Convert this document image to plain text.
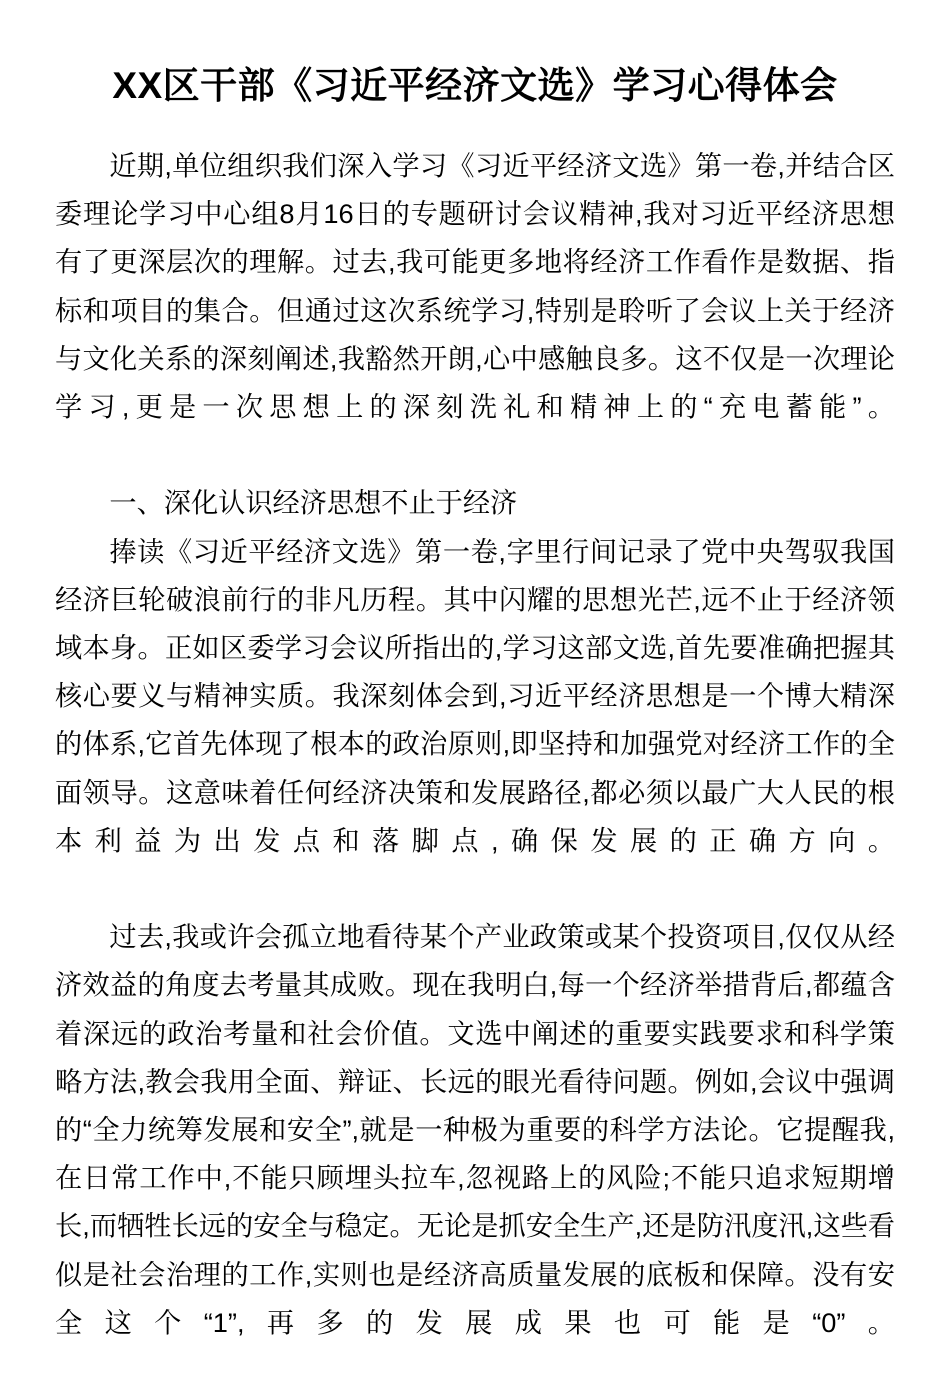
XX区干部《习近平经济文选》学习心得体会

近期,单位组织我们深入学习《习近平经济文选》第一卷,并结合区委理论学习中心组8月16日的专题研讨会议精神,我对习近平经济思想有了更深层次的理解。过去,我可能更多地将经济工作看作是数据、指标和项目的集合。但通过这次系统学习,特别是聆听了会议上关于经济与文化关系的深刻阐述,我豁然开朗,心中感触良多。这不仅是一次理论学习,更是一次思想上的深刻洗礼和精神上的“充电蓄能”。

一、深化认识经济思想不止于经济

捧读《习近平经济文选》第一卷,字里行间记录了党中央驾驭我国经济巨轮破浪前行的非凡历程。其中闪耀的思想光芒,远不止于经济领域本身。正如区委学习会议所指出的,学习这部文选,首先要准确把握其核心要义与精神实质。我深刻体会到,习近平经济思想是一个博大精深的体系,它首先体现了根本的政治原则,即坚持和加强党对经济工作的全面领导。这意味着任何经济决策和发展路径,都必须以最广大人民的根本利益为出发点和落脚点,确保发展的正确方向。

过去,我或许会孤立地看待某个产业政策或某个投资项目,仅仅从经济效益的角度去考量其成败。现在我明白,每一个经济举措背后,都蕴含着深远的政治考量和社会价值。文选中阐述的重要实践要求和科学策略方法,教会我用全面、辩证、长远的眼光看待问题。例如,会议中强调的“全力统筹发展和安全”,就是一种极为重要的科学方法论。它提醒我,在日常工作中,不能只顾埋头拉车,忽视路上的风险;不能只追求短期增长,而牺牲长远的安全与稳定。无论是抓安全生产,还是防汛度汛,这些看似是社会治理的工作,实则也是经济高质量发展的底板和保障。没有安全这个“1”,再多的发展成果也可能是“0”。
